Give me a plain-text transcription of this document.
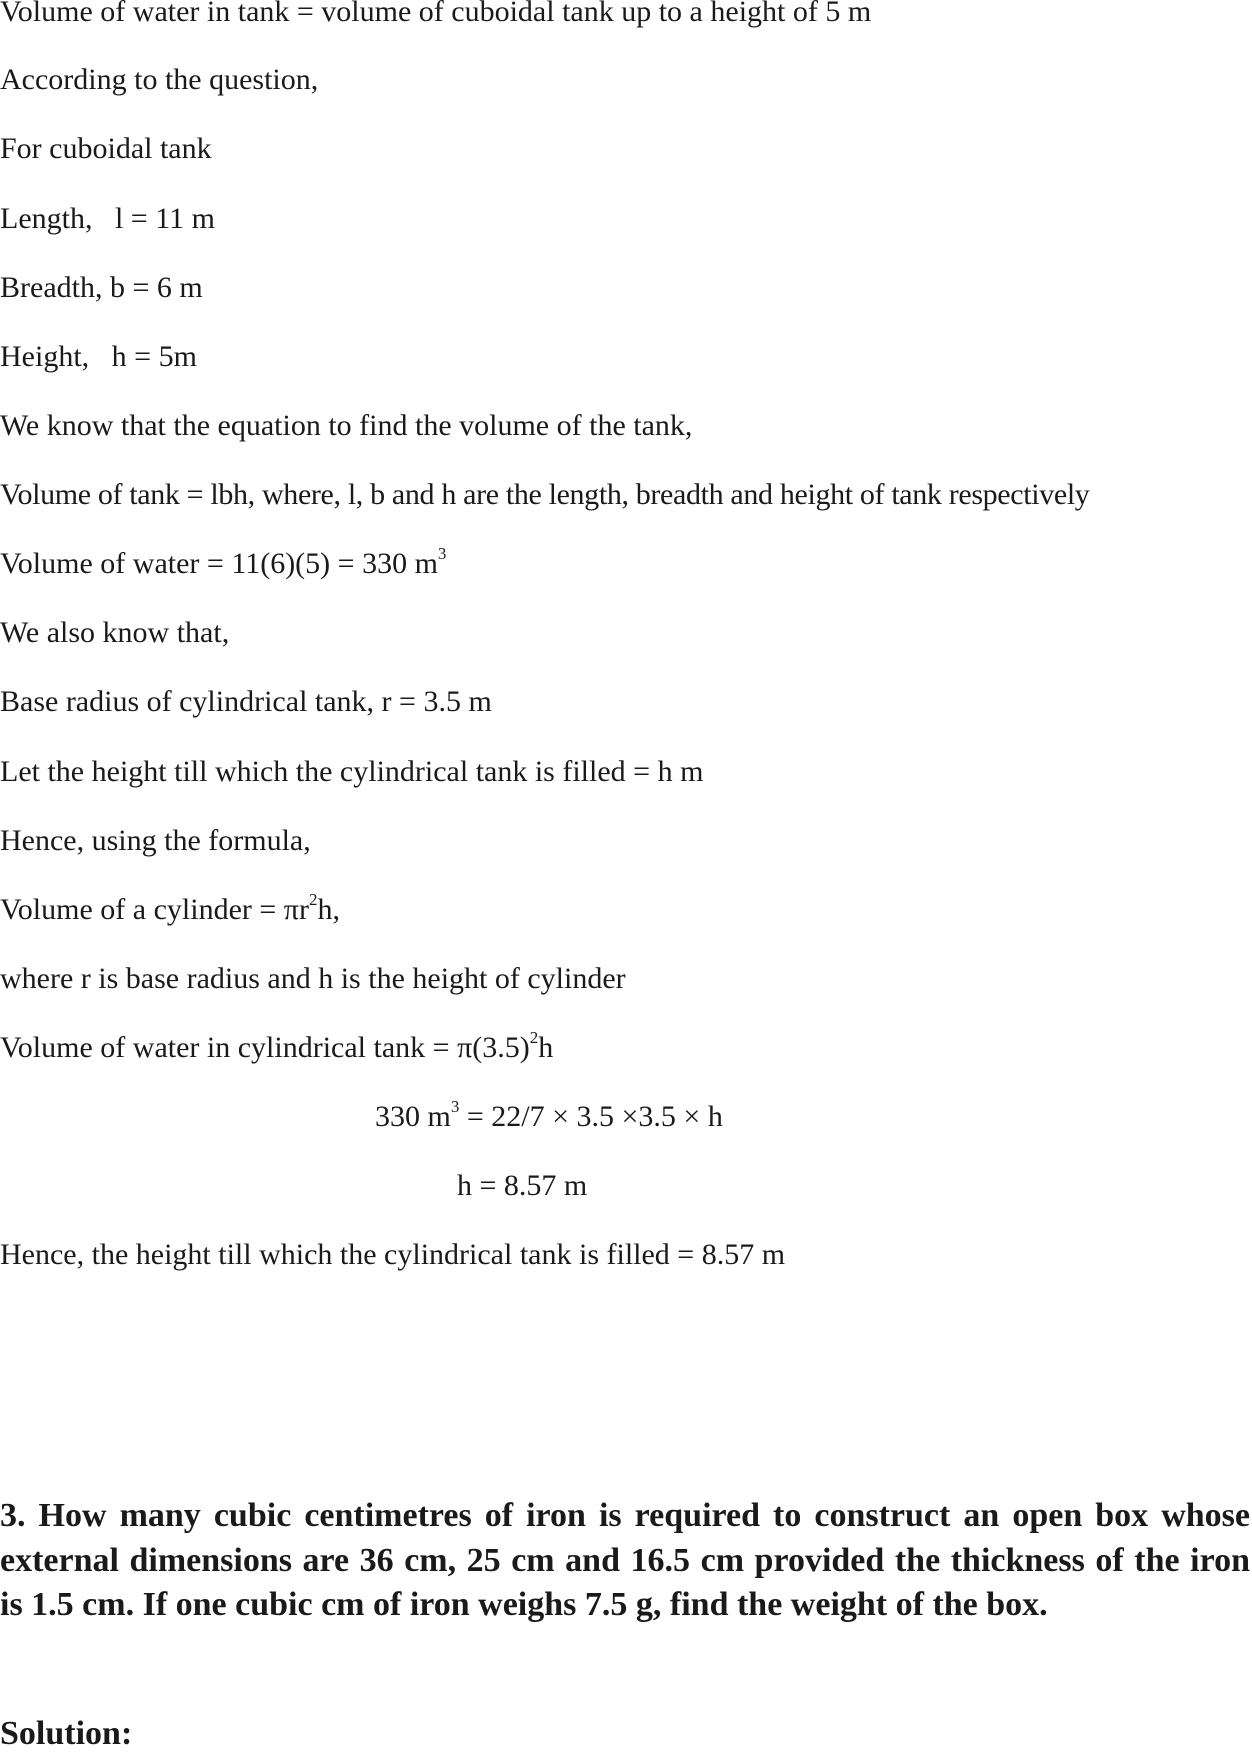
Volume of water in tank = volume of cuboidal tank up to a height of 5 m
According to the question,
For cuboidal tank
Length,   l = 11 m
Breadth, b = 6 m
Height,   h = 5m
We know that the equation to find the volume of the tank,
Volume of tank = lbh, where, l, b and h are the length, breadth and height of tank respectively
Volume of water = 11(6)(5) = 330 $m^3$
We also know that,
Base radius of cylindrical tank, r = 3.5 m
Let the height till which the cylindrical tank is filled = h m
Hence, using the formula,
Volume of a cylinder = $\pi r^2h$,
where r is base radius and h is the height of cylinder
Volume of water in cylindrical $\tan k = \pi(3.5)^2h$
330 $m^3 = 22/7 \times 3.5 \times 3.5 \times h$
h = 8.57 m
Hence, the height till which the cylindrical tank is filled = 8.57 m
3. How many cubic centimetres of iron is required to construct an open box whose external dimensions are 36 cm, 25 cm and 16.5 cm provided the thickness of the iron is 1.5 cm. If one cubic cm of iron weighs 7.5 g, find the weight of the box.
Solution:
